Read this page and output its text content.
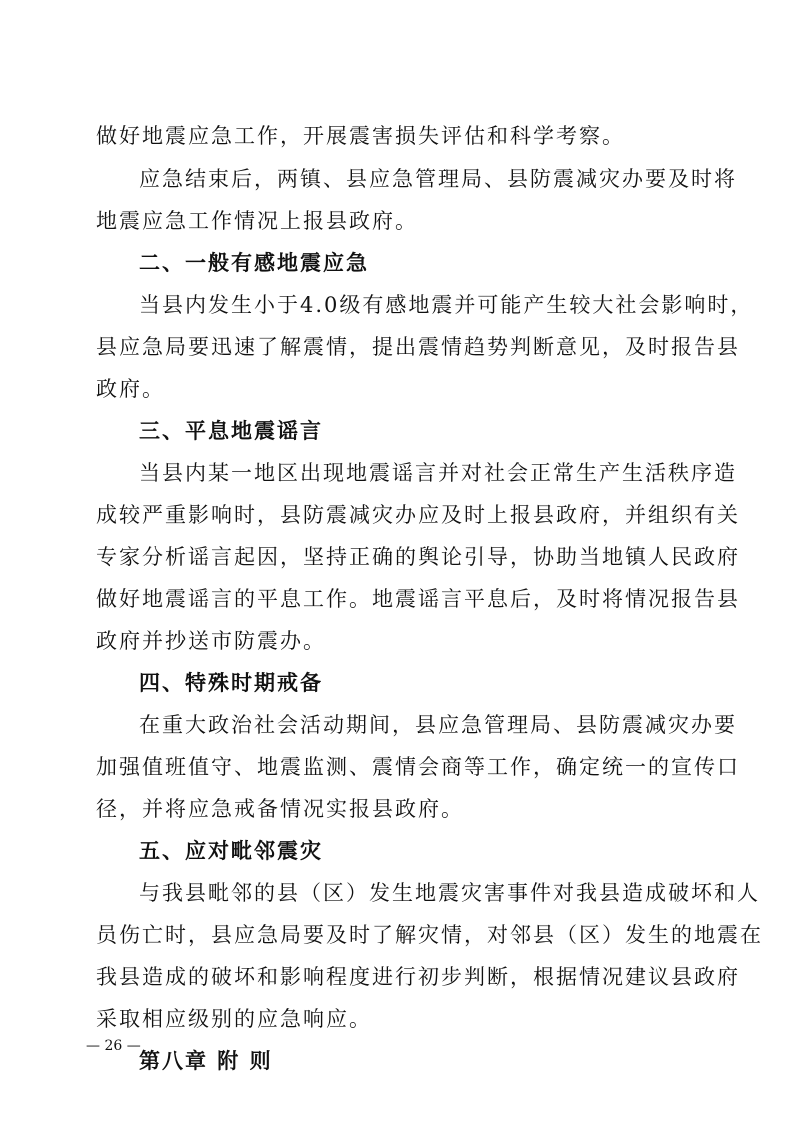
做好地震应急工作，开展震害损失评估和科学考察。
应急结束后，两镇、县应急管理局、县防震减灾办要及时将
地震应急工作情况上报县政府。
二、一般有感地震应急
当县内发生小于4.0级有感地震并可能产生较大社会影响时，
县应急局要迅速了解震情，提出震情趋势判断意见，及时报告县
政府。
三、平息地震谣言
当县内某一地区出现地震谣言并对社会正常生产生活秩序造
成较严重影响时，县防震减灾办应及时上报县政府，并组织有关
专家分析谣言起因，坚持正确的舆论引导，协助当地镇人民政府
做好地震谣言的平息工作。地震谣言平息后，及时将情况报告县
政府并抄送市防震办。
四、特殊时期戒备
在重大政治社会活动期间，县应急管理局、县防震减灾办要
加强值班值守、地震监测、震情会商等工作，确定统一的宣传口
径，并将应急戒备情况实报县政府。
五、应对毗邻震灾
与我县毗邻的县（区）发生地震灾害事件对我县造成破坏和人
员伤亡时，县应急局要及时了解灾情，对邻县（区）发生的地震在
我县造成的破坏和影响程度进行初步判断，根据情况建议县政府
采取相应级别的应急响应。
第八章 附 则
— 26 —
